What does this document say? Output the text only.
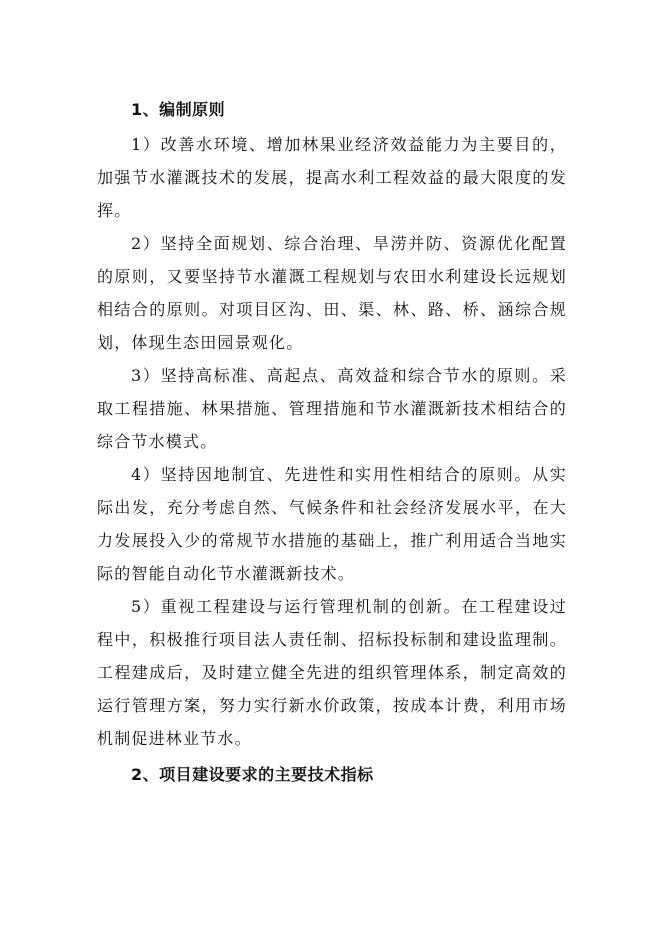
1、编制原则

1）改善水环境、增加林果业经济效益能力为主要目的，加强节水灌溉技术的发展，提高水利工程效益的最大限度的发挥。

2）坚持全面规划、综合治理、旱涝并防、资源优化配置的原则，又要坚持节水灌溉工程规划与农田水利建设长远规划相结合的原则。对项目区沟、田、渠、林、路、桥、涵综合规划，体现生态田园景观化。

3）坚持高标准、高起点、高效益和综合节水的原则。采取工程措施、林果措施、管理措施和节水灌溉新技术相结合的综合节水模式。

4）坚持因地制宜、先进性和实用性相结合的原则。从实际出发，充分考虑自然、气候条件和社会经济发展水平，在大力发展投入少的常规节水措施的基础上，推广利用适合当地实际的智能自动化节水灌溉新技术。

5）重视工程建设与运行管理机制的创新。在工程建设过程中，积极推行项目法人责任制、招标投标制和建设监理制。工程建成后，及时建立健全先进的组织管理体系，制定高效的运行管理方案，努力实行新水价政策，按成本计费，利用市场机制促进林业节水。

2、项目建设要求的主要技术指标
